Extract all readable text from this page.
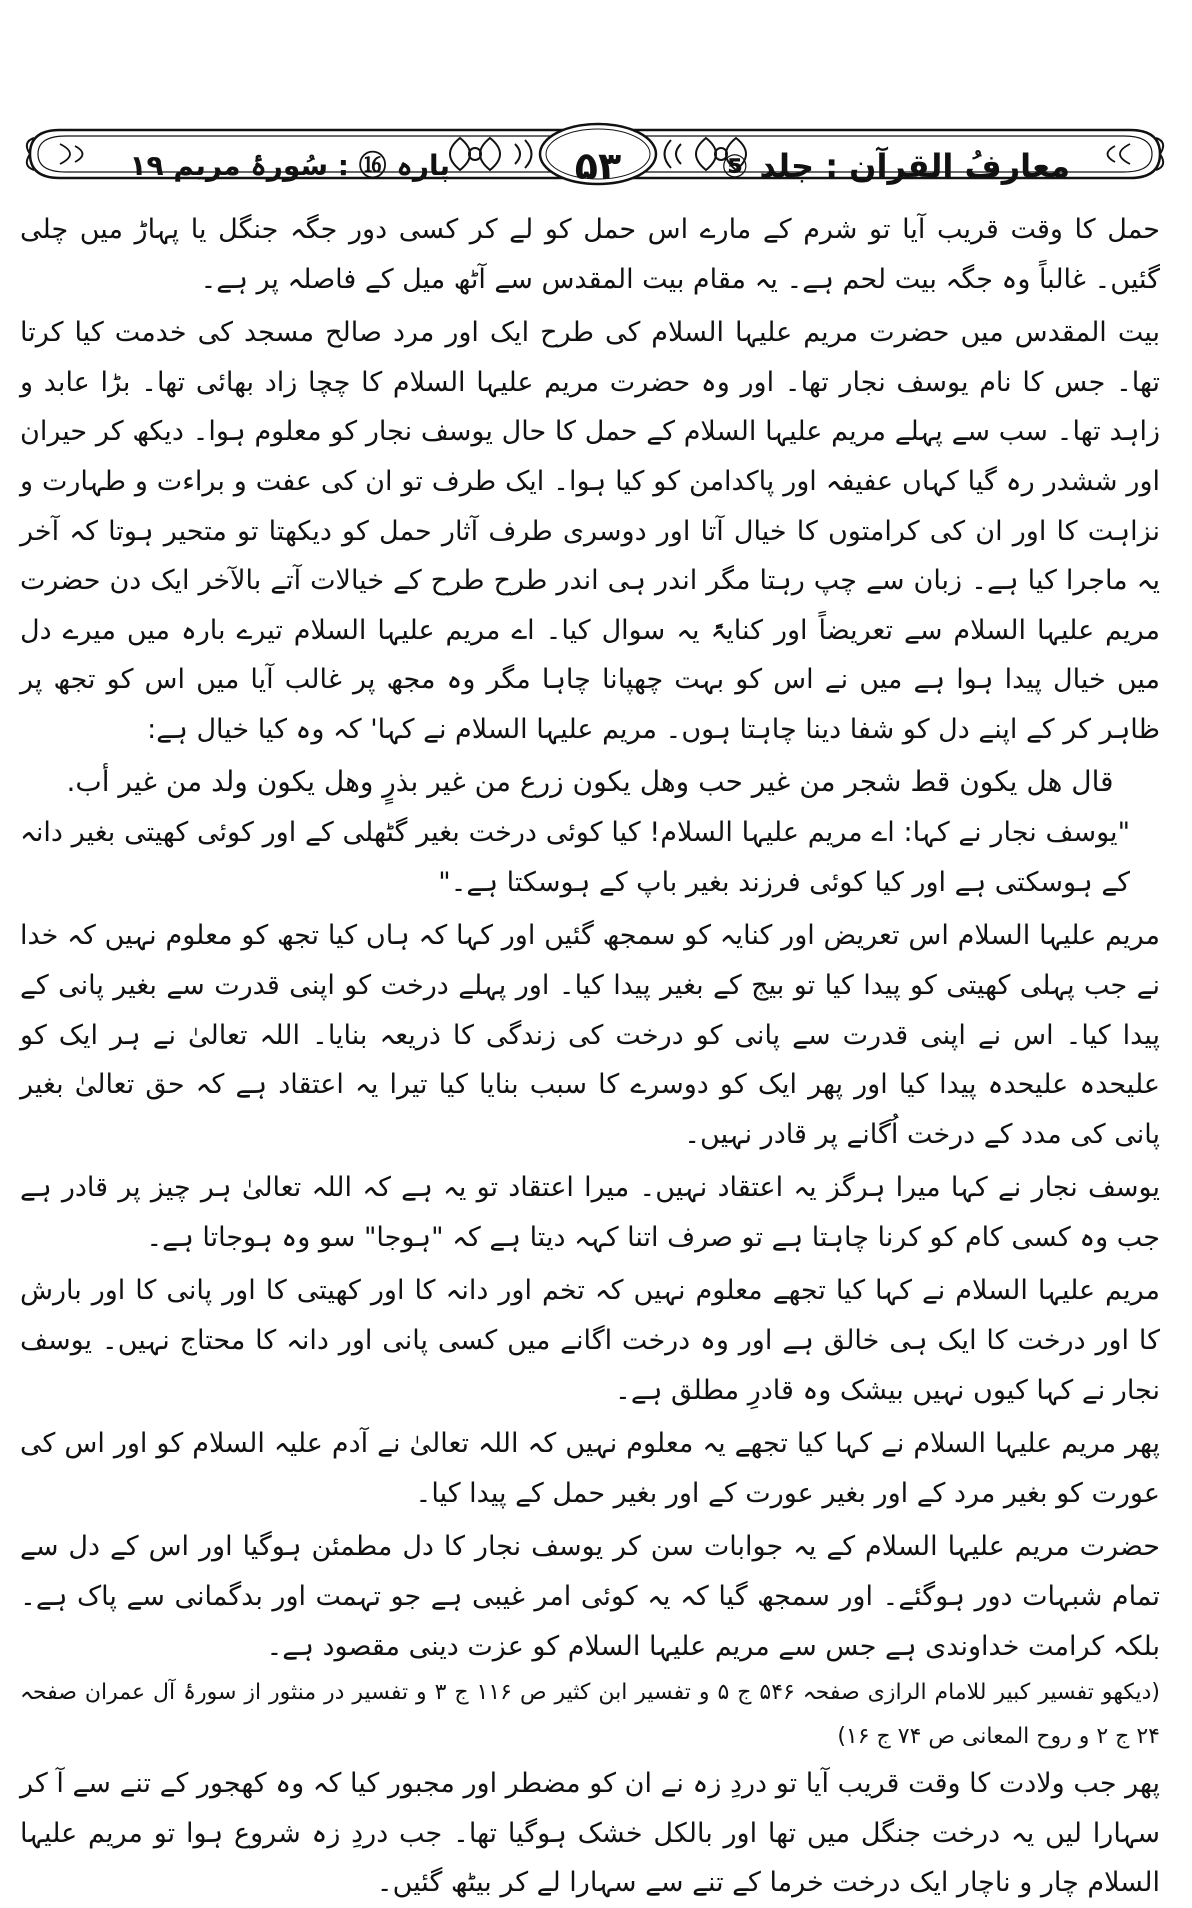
پارہ ⑯ : سُورۂ مریم ۱۹	۵۳	معارفُ القرآن : جلد ⑤

حمل کا وقت قریب آیا تو شرم کے مارے اس حمل کو لے کر کسی دور جگہ جنگل یا پہاڑ میں چلی گئیں۔ غالباً وہ جگہ بیت لحم ہے۔ یہ مقام بیت المقدس سے آٹھ میل کے فاصلہ پر ہے۔

بیت المقدس میں حضرت مریم علیہا السلام کی طرح ایک اور مرد صالح مسجد کی خدمت کیا کرتا تھا۔ جس کا نام یوسف نجار تھا۔ اور وہ حضرت مریم علیہا السلام کا چچا زاد بھائی تھا۔ بڑا عابد و زاہد تھا۔ سب سے پہلے مریم علیہا السلام کے حمل کا حال یوسف نجار کو معلوم ہوا۔ دیکھ کر حیران اور ششدر رہ گیا کہاں عفیفہ اور پاکدامن کو کیا ہوا۔ ایک طرف تو ان کی عفت و براءت و طہارت و نزاہت کا اور ان کی کرامتوں کا خیال آتا اور دوسری طرف آثار حمل کو دیکھتا تو متحیر ہوتا کہ آخر یہ ماجرا کیا ہے۔ زبان سے چپ رہتا مگر اندر ہی اندر طرح طرح کے خیالات آتے بالآخر ایک دن حضرت مریم علیہا السلام سے تعریضاً اور کنایۃً یہ سوال کیا۔ اے مریم علیہا السلام تیرے بارہ میں میرے دل میں خیال پیدا ہوا ہے میں نے اس کو بہت چھپانا چاہا مگر وہ مجھ پر غالب آیا میں اس کو تجھ پر ظاہر کر کے اپنے دل کو شفا دینا چاہتا ہوں۔ مریم علیہا السلام نے کہا' کہ وہ کیا خیال ہے:

قال هل يكون قط شجر من غير حب وهل يكون زرع من غير بذرٍ وهل يكون ولد من غير أب.

"یوسف نجار نے کہا: اے مریم علیہا السلام! کیا کوئی درخت بغیر گٹھلی کے اور کوئی کھیتی بغیر دانہ کے ہوسکتی ہے اور کیا کوئی فرزند بغیر باپ کے ہوسکتا ہے۔"

مریم علیہا السلام اس تعریض اور کنایہ کو سمجھ گئیں اور کہا کہ ہاں کیا تجھ کو معلوم نہیں کہ خدا نے جب پہلی کھیتی کو پیدا کیا تو بیج کے بغیر پیدا کیا۔ اور پہلے درخت کو اپنی قدرت سے بغیر پانی کے پیدا کیا۔ اس نے اپنی قدرت سے پانی کو درخت کی زندگی کا ذریعہ بنایا۔ اللہ تعالیٰ نے ہر ایک کو علیحدہ علیحدہ پیدا کیا اور پھر ایک کو دوسرے کا سبب بنایا کیا تیرا یہ اعتقاد ہے کہ حق تعالیٰ بغیر پانی کی مدد کے درخت اُگانے پر قادر نہیں۔

یوسف نجار نے کہا میرا ہرگز یہ اعتقاد نہیں۔ میرا اعتقاد تو یہ ہے کہ اللہ تعالیٰ ہر چیز پر قادر ہے جب وہ کسی کام کو کرنا چاہتا ہے تو صرف اتنا کہہ دیتا ہے کہ "ہوجا" سو وہ ہوجاتا ہے۔

مریم علیہا السلام نے کہا کیا تجھے معلوم نہیں کہ تخم اور دانہ کا اور کھیتی کا اور پانی کا اور بارش کا اور درخت کا ایک ہی خالق ہے اور وہ درخت اگانے میں کسی پانی اور دانہ کا محتاج نہیں۔ یوسف نجار نے کہا کیوں نہیں بیشک وہ قادرِ مطلق ہے۔

پھر مریم علیہا السلام نے کہا کیا تجھے یہ معلوم نہیں کہ اللہ تعالیٰ نے آدم علیہ السلام کو اور اس کی عورت کو بغیر مرد کے اور بغیر عورت کے اور بغیر حمل کے پیدا کیا۔

حضرت مریم علیہا السلام کے یہ جوابات سن کر یوسف نجار کا دل مطمئن ہوگیا اور اس کے دل سے تمام شبہات دور ہوگئے۔ اور سمجھ گیا کہ یہ کوئی امر غیبی ہے جو تہمت اور بدگمانی سے پاک ہے۔ بلکہ کرامت خداوندی ہے جس سے مریم علیہا السلام کو عزت دینی مقصود ہے۔

(دیکھو تفسیر کبیر للامام الرازی صفحہ ۵۴۶ ج ۵ و تفسیر ابن کثیر ص ۱۱۶ ج ۳ و تفسیر در منثور از سورۂ آل عمران صفحہ ۲۴ ج ۲ و روح المعانی ص ۷۴ ج ۱۶)

پھر جب ولادت کا وقت قریب آیا تو دردِ زہ نے ان کو مضطر اور مجبور کیا کہ وہ کھجور کے تنے سے آ کر سہارا لیں یہ درخت جنگل میں تھا اور بالکل خشک ہوگیا تھا۔ جب دردِ زہ شروع ہوا تو مریم علیہا السلام چار و ناچار ایک درخت خرما کے تنے سے سہارا لے کر بیٹھ گئیں۔
